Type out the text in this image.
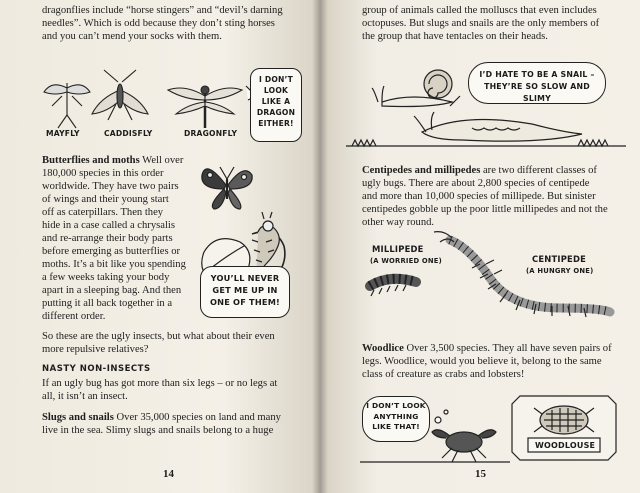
dragonflies include “horse stingers” and “devil’s darning

needles”. Which is odd because they don’t sting horses

and you can’t mend your socks with them.

I DON’T LOOK LIKE A DRAGON EITHER!
MAYFLY	CADDISFLY	DRAGONFLY
Butterflies and moths Well over
180,000 species in this order
worldwide. They have two pairs
of wings and their young start
off as caterpillars. Then they
hide in a case called a chrysalis
and re-arrange their body parts
before emerging as butterflies or
moths. It’s a bit like you spending
a few weeks taking your body
apart in a sleeping bag. And then
putting it all back together in a
different order.
YOU’LL NEVER GET ME UP IN ONE OF THEM!

So these are the ugly insects, but what about their even

more repulsive relatives?

NASTY NON-INSECTS

If an ugly bug has got more than six legs – or no legs at

all, it isn’t an insect.

Slugs and snails Over 35,000 species on land and many

live in the sea. Slimy slugs and snails belong to a huge

14

group of animals called the molluscs that even includes

octopuses. But slugs and snails are the only members of

the group that have tentacles on their heads.

I’D HATE TO BE A SNAIL – THEY’RE SO SLOW AND SLIMY
Centipedes and millipedes are two different classes of
ugly bugs. There are about 2,800 species of centipede
and more than 10,000 species of millipede. But sinister
centipedes gobble up the poor little millipedes and not the
other way round.
MILLIPEDE
(A WORRIED ONE)	CENTIPEDE
(A HUNGRY ONE)
Woodlice Over 3,500 species. They all have seven pairs of

legs. Woodlice, would you believe it, belong to the same

class of creature as crabs and lobsters!

I DON’T LOOK ANYTHING LIKE THAT!
WOODLOUSE
15
